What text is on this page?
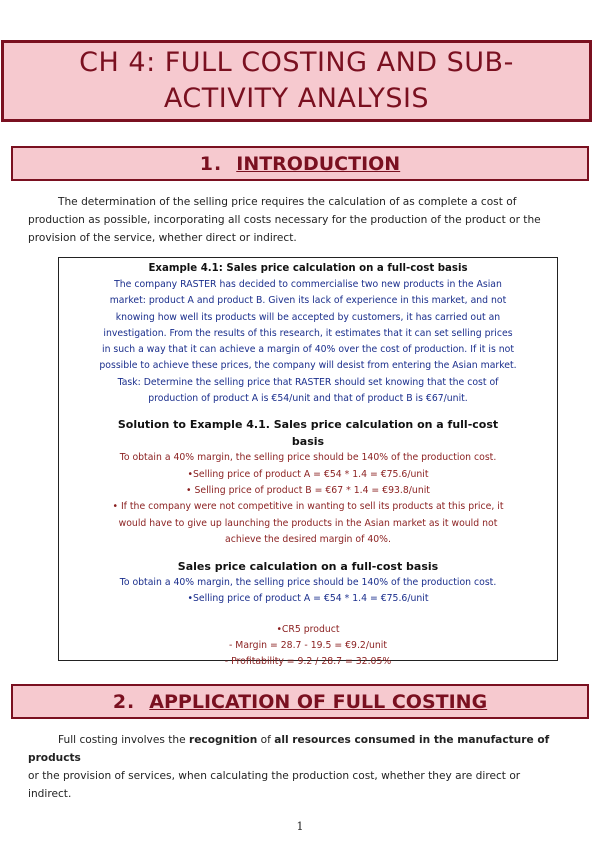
CH 4: FULL COSTING AND SUB-
ACTIVITY ANALYSIS
1. INTRODUCTION
The determination of the selling price requires the calculation of as complete a cost of
production as possible, incorporating all costs necessary for the production of the product or the
provision of the service, whether direct or indirect.
Example 4.1: Sales price calculation on a full-cost basis
The company RASTER has decided to commercialise two new products in the Asian
market: product A and product B. Given its lack of experience in this market, and not
knowing how well its products will be accepted by customers, it has carried out an
investigation. From the results of this research, it estimates that it can set selling prices
in such a way that it can achieve a margin of 40% over the cost of production. If it is not
possible to achieve these prices, the company will desist from entering the Asian market.
Task: Determine the selling price that RASTER should set knowing that the cost of
production of product A is €54/unit and that of product B is €67/unit.
Solution to Example 4.1. Sales price calculation on a full-cost
basis
To obtain a 40% margin, the selling price should be 140% of the production cost.
•Selling price of product A = €54 * 1.4 = €75.6/unit
• Selling price of product B = €67 * 1.4 = €93.8/unit
• If the company were not competitive in wanting to sell its products at this price, it
would have to give up launching the products in the Asian market as it would not
achieve the desired margin of 40%.
Sales price calculation on a full-cost basis
To obtain a 40% margin, the selling price should be 140% of the production cost.
•Selling price of product A = €54 * 1.4 = €75.6/unit
•CR5 product
- Margin = 28.7 - 19.5 = €9.2/unit
- Profitability = 9.2 / 28.7 = 32.05%
2. APPLICATION OF FULL COSTING
Full costing involves the recognition of all resources consumed in the manufacture of products
or the provision of services, when calculating the production cost, whether they are direct or
indirect.
1
